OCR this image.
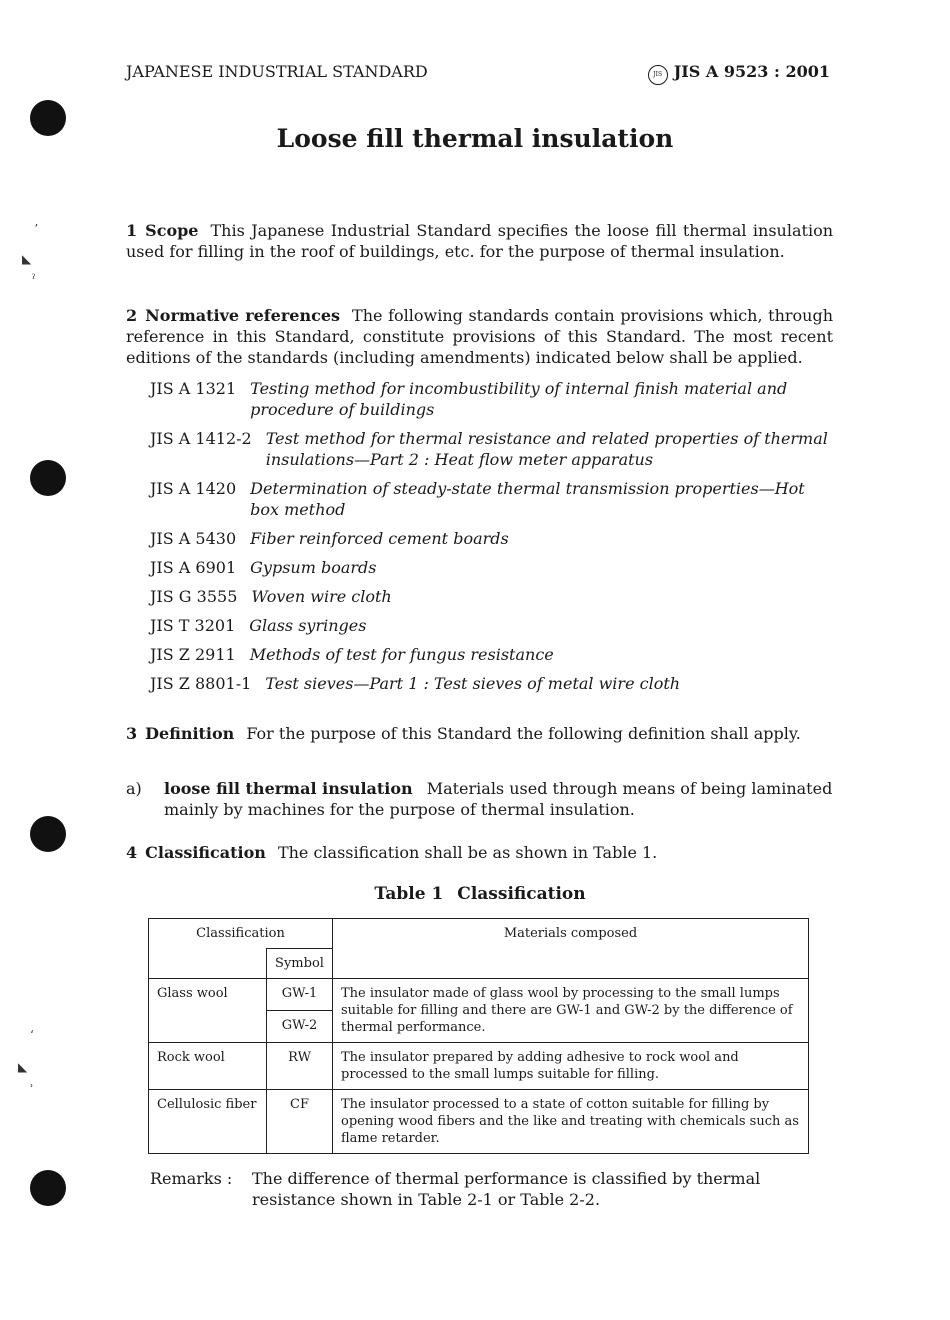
ʼ
◣
ˀ
ʻ
◣
ʾ
JAPANESE INDUSTRIAL STANDARD	JIS JIS A 9523 : 2001
Loose fill thermal insulation
1 Scope This Japanese Industrial Standard specifies the loose fill thermal insulation used for filling in the roof of buildings, etc. for the purpose of thermal insulation.
2 Normative references The following standards contain provisions which, through reference in this Standard, constitute provisions of this Standard. The most recent editions of the standards (including amendments) indicated below shall be applied.
JIS A 1321 Testing method for incombustibility of internal finish material and procedure of buildings
JIS A 1412-2 Test method for thermal resistance and related properties of thermal insulations—Part 2 : Heat flow meter apparatus
JIS A 1420 Determination of steady-state thermal transmission properties—Hot box method
JIS A 5430 Fiber reinforced cement boards
JIS A 6901 Gypsum boards
JIS G 3555 Woven wire cloth
JIS T 3201 Glass syringes
JIS Z 2911 Methods of test for fungus resistance
JIS Z 8801-1 Test sieves—Part 1 : Test sieves of metal wire cloth
3 Definition For the purpose of this Standard the following definition shall apply.
a)	loose fill thermal insulation Materials used through means of being laminated mainly by machines for the purpose of thermal insulation.
4 Classification The classification shall be as shown in Table 1.
Table 1 Classification
Classification		Materials composed
	Symbol	
Glass wool	GW-1	The insulator made of glass wool by processing to the small lumps suitable for filling and there are GW-1 and GW-2 by the difference of thermal performance.
	GW-2	
Rock wool	RW	The insulator prepared by adding adhesive to rock wool and processed to the small lumps suitable for filling.
Cellulosic fiber	CF	The insulator processed to a state of cotton suitable for filling by opening wood fibers and the like and treating with chemicals such as flame retarder.
Remarks :	The difference of thermal performance is classified by thermal resistance shown in Table 2-1 or Table 2-2.
